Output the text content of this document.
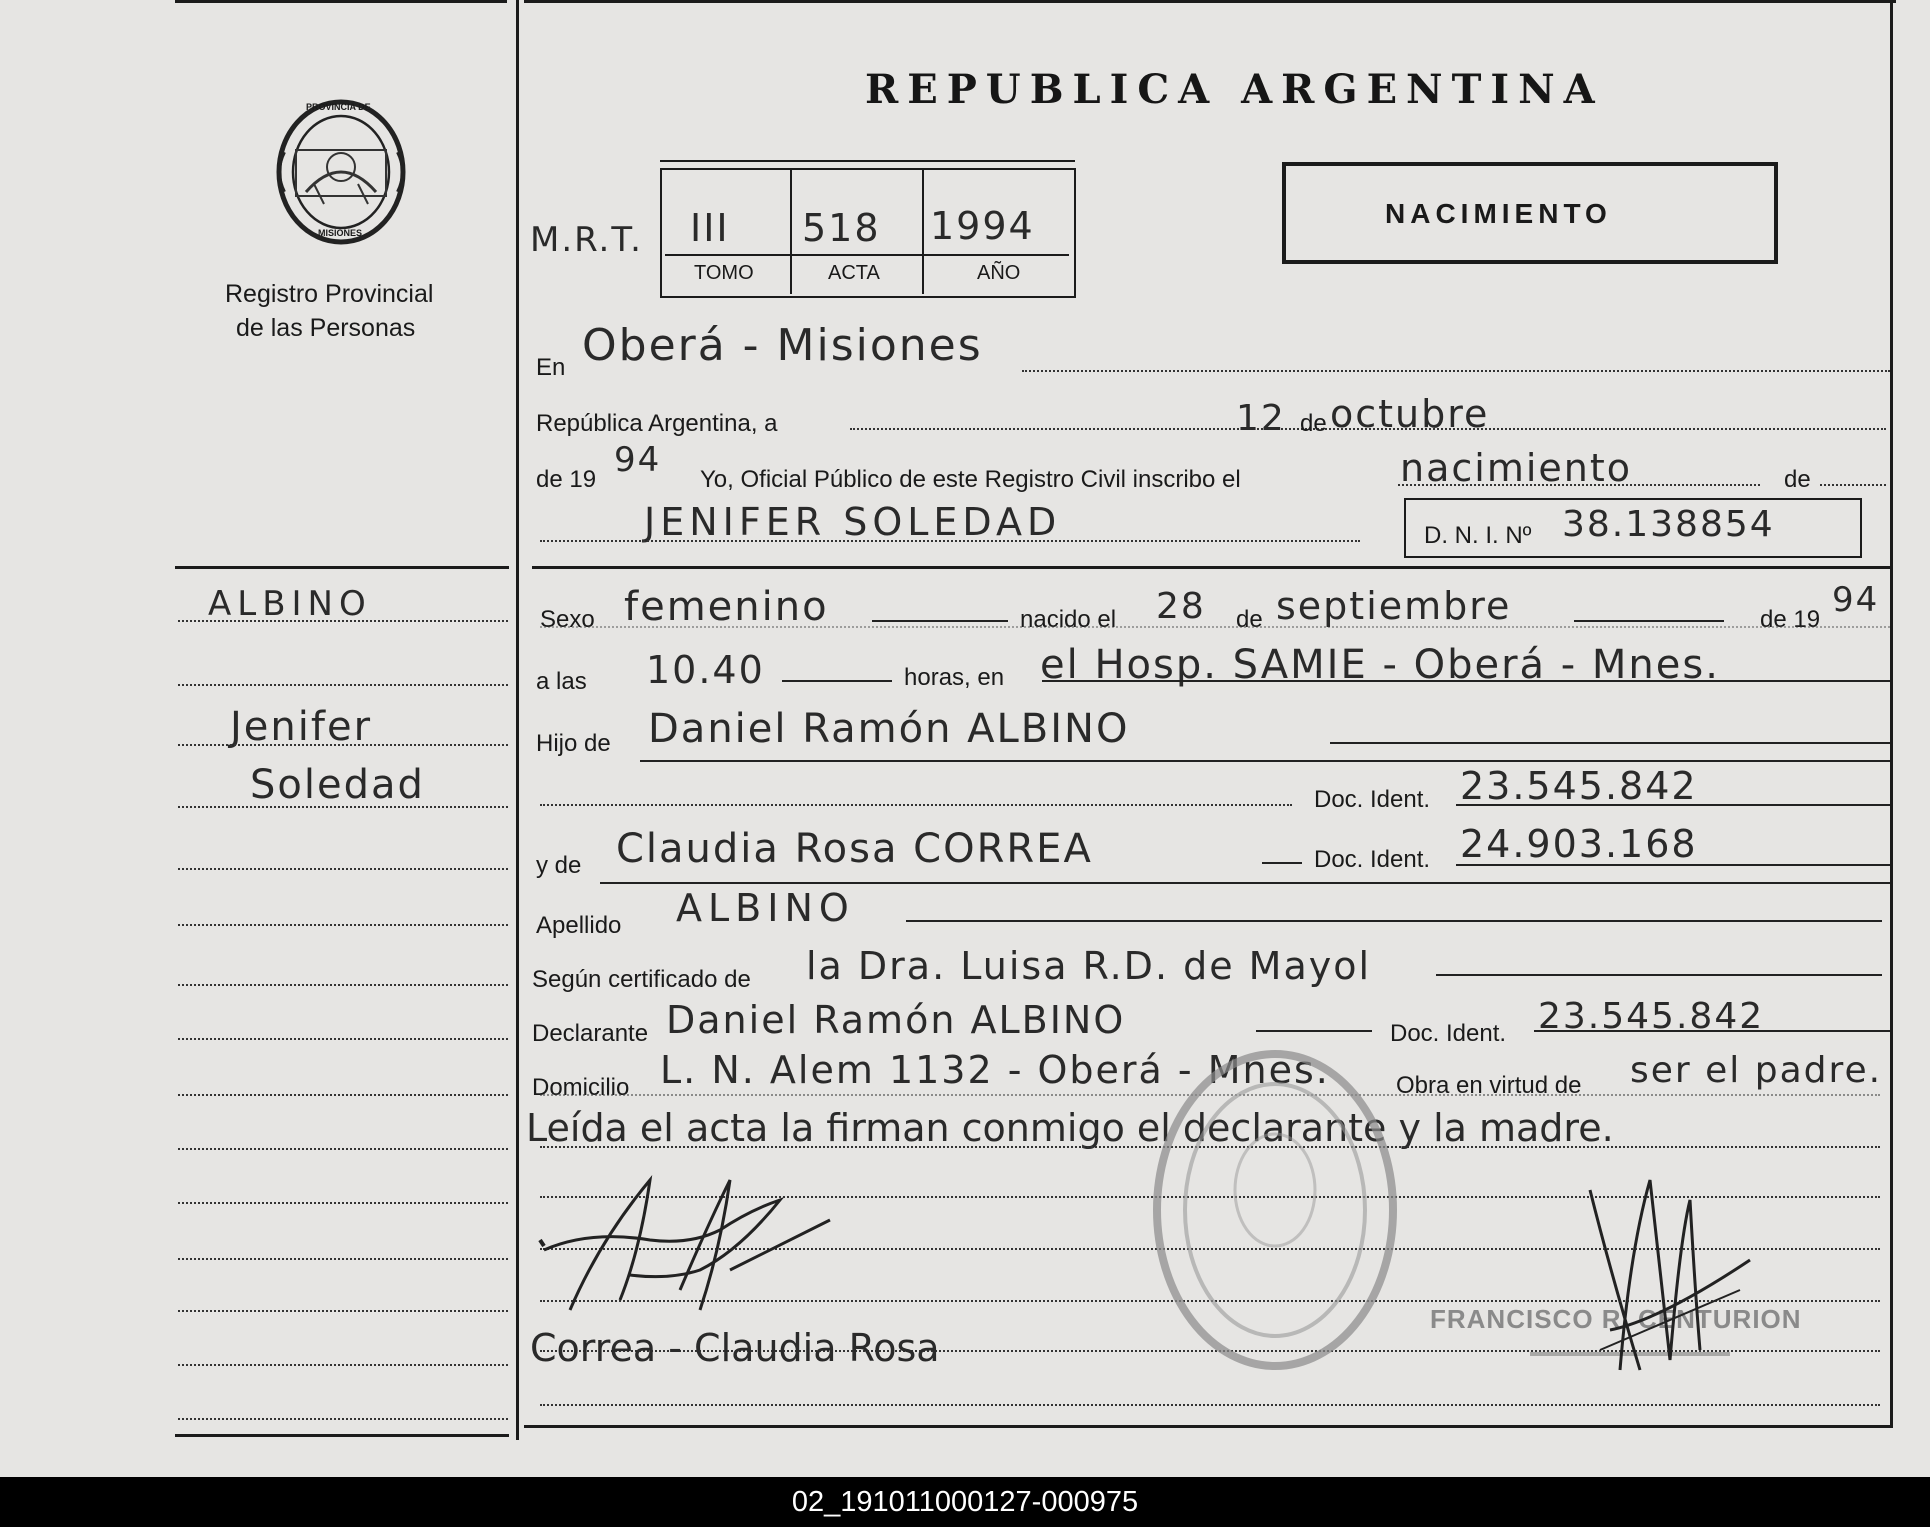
PROVINCIA DE
MISIONES
Registro Provincial
de las Personas
REPUBLICA ARGENTINA
NACIMIENTO
M.R.T. III 518 1994
TOMO	ACTA	AÑO
En Oberá - Misiones
República Argentina, a	12 de octubre
de 19 94 Yo, Oficial Público de este Registro Civil inscribo el	nacimiento	de
JENIFER SOLEDAD	D. N. I. Nº 38.138854
ALBINO
Jenifer
Soledad
Sexo femenino	nacido el 28 de septiembre	de 19 94
a las 10.40	horas, en el Hosp. SAMIE - Oberá - Mnes.
Hijo de Daniel Ramón ALBINO
Doc. Ident. 23.545.842
y de Claudia Rosa CORREA	Doc. Ident. 24.903.168
Apellido ALBINO
Según certificado de la Dra. Luisa R.D. de Mayol
Declarante Daniel Ramón ALBINO	Doc. Ident. 23.545.842
Domicilio L. N. Alem 1132 - Oberá - Mnes.	Obra en virtud de ser el padre.
Leída el acta la firman conmigo el declarante y la madre.
Correa - Claudia Rosa
FRANCISCO R. CENTURION
02_191011000127-000975
